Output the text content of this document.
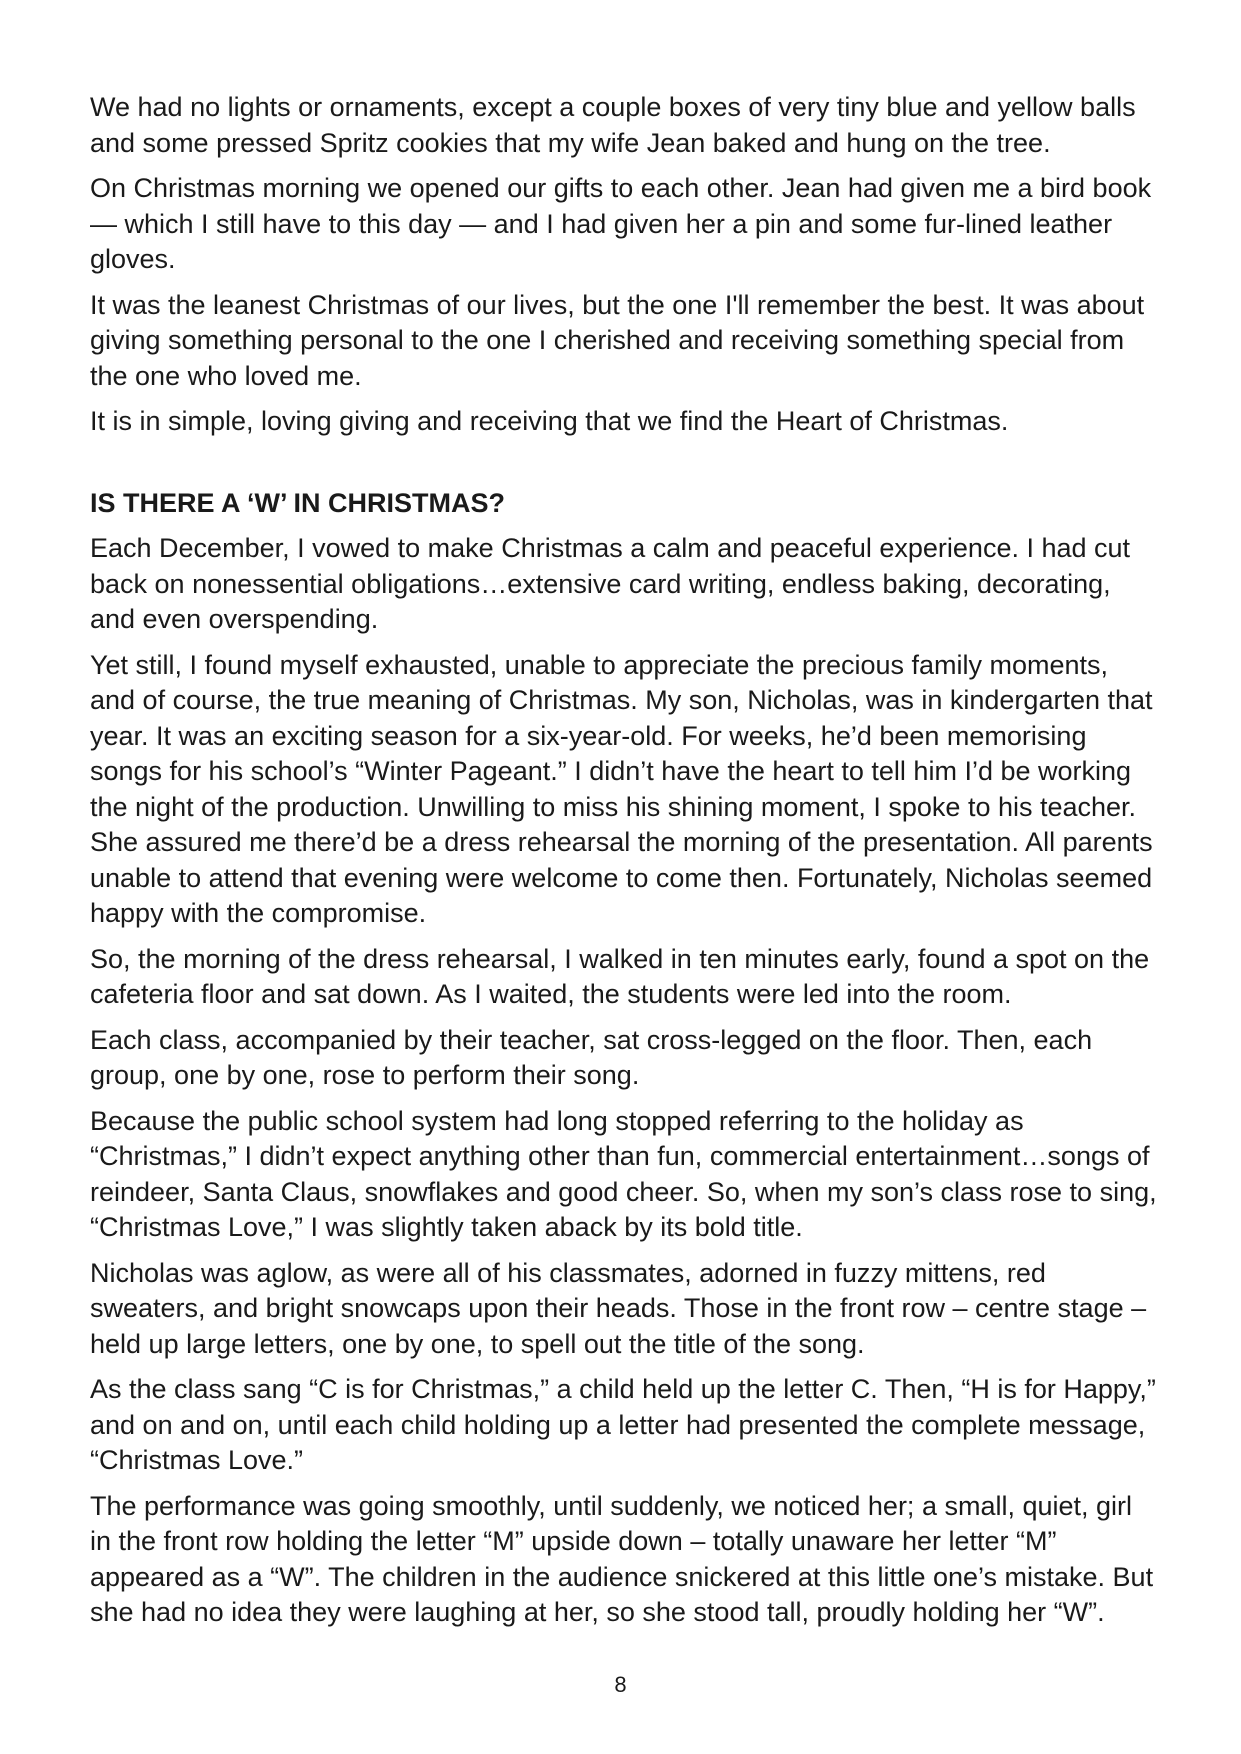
We had no lights or ornaments, except a couple boxes of very tiny blue and yellow balls and some pressed Spritz cookies that my wife Jean baked and hung on the tree.

On Christmas morning we opened our gifts to each other. Jean had given me a bird book — which I still have to this day — and I had given her a pin and some fur-lined leather gloves.

It was the leanest Christmas of our lives, but the one I'll remember the best. It was about giving something personal to the one I cherished and receiving something special from the one who loved me.

It is in simple, loving giving and receiving that we find the Heart of Christmas.

IS THERE A ‘W’ IN CHRISTMAS?

Each December, I vowed to make Christmas a calm and peaceful experience. I had cut back on nonessential obligations…extensive card writing, endless baking, decorating, and even overspending.

Yet still, I found myself exhausted, unable to appreciate the precious family moments, and of course, the true meaning of Christmas. My son, Nicholas, was in kindergarten that year. It was an exciting season for a six-year-old. For weeks, he’d been memorising songs for his school’s “Winter Pageant.” I didn’t have the heart to tell him I’d be working the night of the production. Unwilling to miss his shining moment, I spoke to his teacher. She assured me there’d be a dress rehearsal the morning of the presentation. All parents unable to attend that evening were welcome to come then. Fortunately, Nicholas seemed happy with the compromise.

So, the morning of the dress rehearsal, I walked in ten minutes early, found a spot on the cafeteria floor and sat down. As I waited, the students were led into the room.

Each class, accompanied by their teacher, sat cross-legged on the floor. Then, each group, one by one, rose to perform their song.

Because the public school system had long stopped referring to the holiday as “Christmas,” I didn’t expect anything other than fun, commercial entertainment…songs of reindeer, Santa Claus, snowflakes and good cheer. So, when my son’s class rose to sing, “Christmas Love,” I was slightly taken aback by its bold title.

Nicholas was aglow, as were all of his classmates, adorned in fuzzy mittens, red sweaters, and bright snowcaps upon their heads. Those in the front row – centre stage – held up large letters, one by one, to spell out the title of the song.

As the class sang “C is for Christmas,” a child held up the letter C. Then, “H is for Happy,” and on and on, until each child holding up a letter had presented the complete message, “Christmas Love.”

The performance was going smoothly, until suddenly, we noticed her; a small, quiet, girl in the front row holding the letter “M” upside down – totally unaware her letter “M” appeared as a “W”. The children in the audience snickered at this little one’s mistake. But she had no idea they were laughing at her, so she stood tall, proudly holding her “W”.

8
